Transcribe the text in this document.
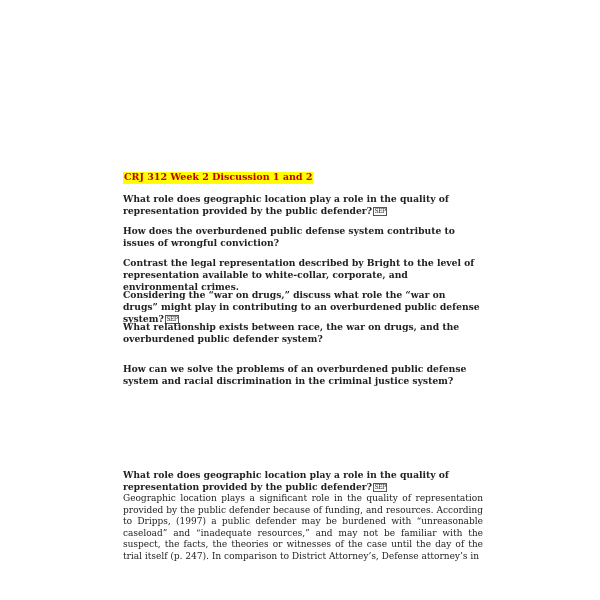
CRJ 312 Week 2 Discussion 1 and 2

What role does geographic location play a role in the quality of representation provided by the public defender? SEP

How does the overburdened public defense system contribute to issues of wrongful conviction?

Contrast the legal representation described by Bright to the level of representation available to white-collar, corporate, and environmental crimes.

Considering the “war on drugs,” discuss what role the “war on drugs” might play in contributing to an overburdened public defense system? SEP

What relationship exists between race, the war on drugs, and the overburdened public defender system?

How can we solve the problems of an overburdened public defense system and racial discrimination in the criminal justice system?

What role does geographic location play a role in the quality of representation provided by the public defender? SEP

Geographic location plays a significant role in the quality of representation provided by the public defender because of funding, and resources. According to Dripps, (1997) a public defender may be burdened with “unreasonable caseload” and “inadequate resources,” and may not be familiar with the suspect, the facts, the theories or witnesses of the case until the day of the trial itself (p. 247). In comparison to District Attorney’s, Defense attorney’s in
